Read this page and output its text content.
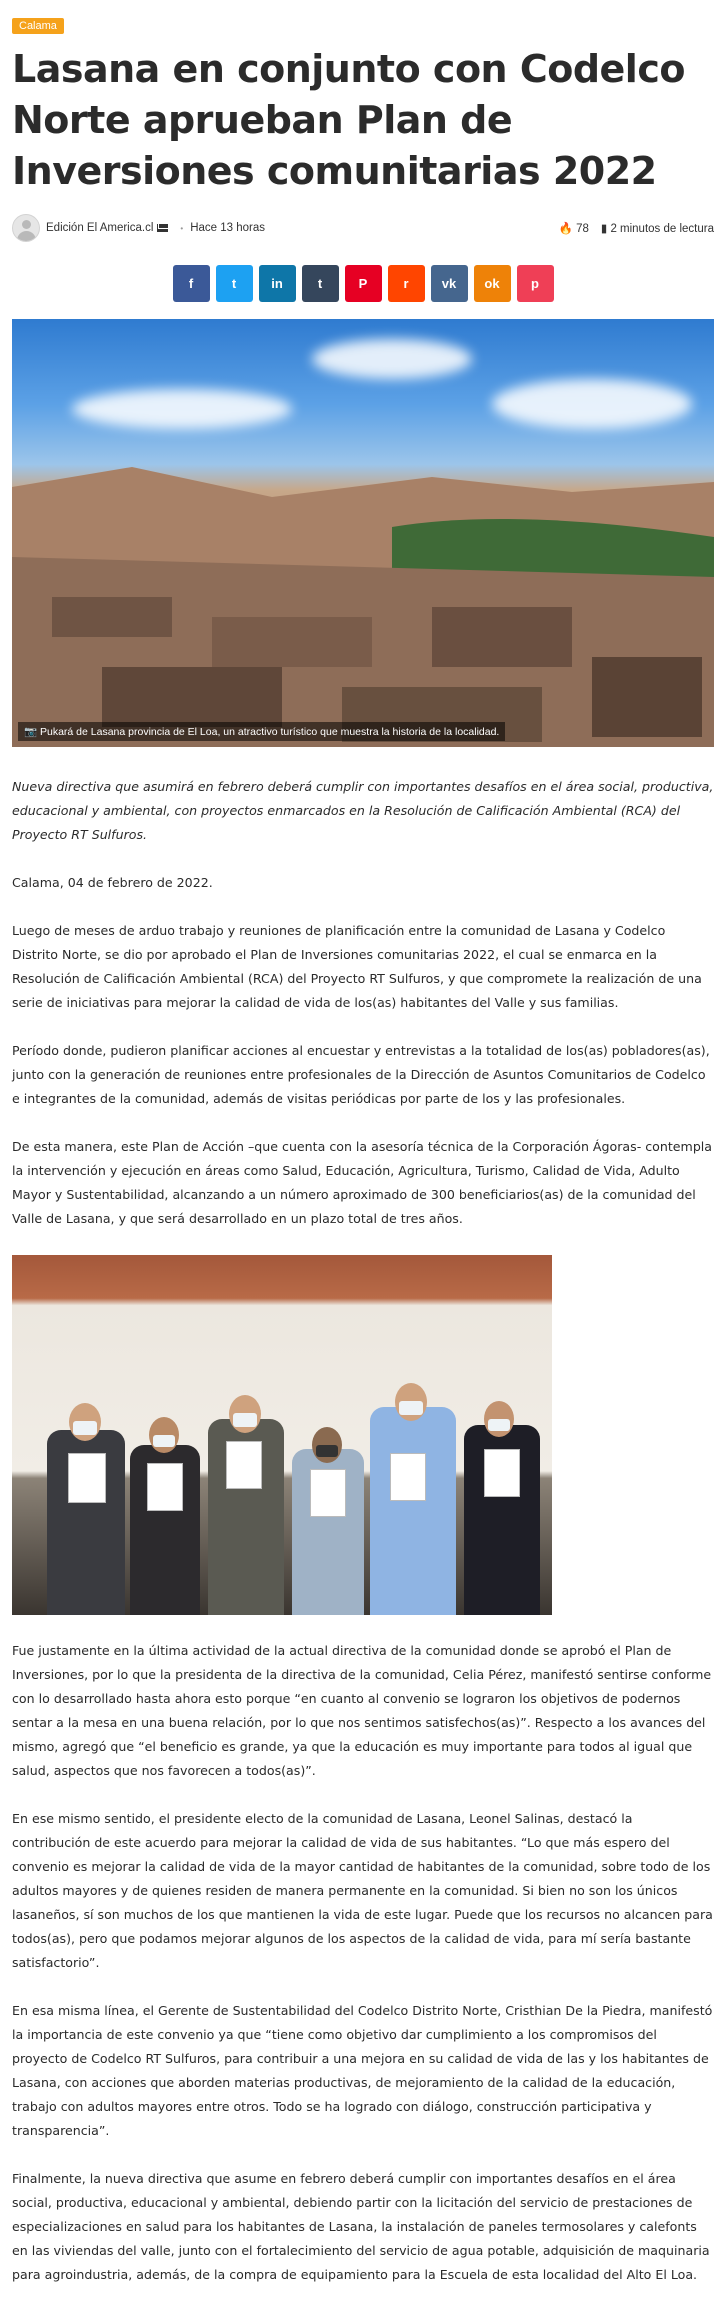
Calama
Lasana en conjunto con Codelco Norte aprueban Plan de Inversiones comunitarias 2022
Edición El America.cl	• Hace 13 horas	🔥 78 ▮ 2 minutos de lectura
f	t	in	t	P	r	vk ok p
📷 Pukará de Lasana provincia de El Loa, un atractivo turístico que muestra la historia de la localidad.

Nueva directiva que asumirá en febrero deberá cumplir con importantes desafíos en el área social, productiva, educacional y ambiental, con proyectos enmarcados en la Resolución de Calificación Ambiental (RCA) del Proyecto RT Sulfuros.

Calama, 04 de febrero de 2022.

Luego de meses de arduo trabajo y reuniones de planificación entre la comunidad de Lasana y Codelco Distrito Norte, se dio por aprobado el Plan de Inversiones comunitarias 2022, el cual se enmarca en la Resolución de Calificación Ambiental (RCA) del Proyecto RT Sulfuros, y que compromete la realización de una serie de iniciativas para mejorar la calidad de vida de los(as) habitantes del Valle y sus familias.

Período donde, pudieron planificar acciones al encuestar y entrevistas a la totalidad de los(as) pobladores(as), junto con la generación de reuniones entre profesionales de la Dirección de Asuntos Comunitarios de Codelco e integrantes de la comunidad, además de visitas periódicas por parte de los y las profesionales.

De esta manera, este Plan de Acción –que cuenta con la asesoría técnica de la Corporación Ágoras- contempla la intervención y ejecución en áreas como Salud, Educación, Agricultura, Turismo, Calidad de Vida, Adulto Mayor y Sustentabilidad, alcanzando a un número aproximado de 300 beneficiarios(as) de la comunidad del Valle de Lasana, y que será desarrollado en un plazo total de tres años.

Fue justamente en la última actividad de la actual directiva de la comunidad donde se aprobó el Plan de Inversiones, por lo que la presidenta de la directiva de la comunidad, Celia Pérez, manifestó sentirse conforme con lo desarrollado hasta ahora esto porque “en cuanto al convenio se lograron los objetivos de podernos sentar a la mesa en una buena relación, por lo que nos sentimos satisfechos(as)”. Respecto a los avances del mismo, agregó que “el beneficio es grande, ya que la educación es muy importante para todos al igual que salud, aspectos que nos favorecen a todos(as)”.

En ese mismo sentido, el presidente electo de la comunidad de Lasana, Leonel Salinas, destacó la contribución de este acuerdo para mejorar la calidad de vida de sus habitantes. “Lo que más espero del convenio es mejorar la calidad de vida de la mayor cantidad de habitantes de la comunidad, sobre todo de los adultos mayores y de quienes residen de manera permanente en la comunidad. Si bien no son los únicos lasaneños, sí son muchos de los que mantienen la vida de este lugar. Puede que los recursos no alcancen para todos(as), pero que podamos mejorar algunos de los aspectos de la calidad de vida, para mí sería bastante satisfactorio”.

En esa misma línea, el Gerente de Sustentabilidad del Codelco Distrito Norte, Cristhian De la Piedra, manifestó la importancia de este convenio ya que “tiene como objetivo dar cumplimiento a los compromisos del proyecto de Codelco RT Sulfuros, para contribuir a una mejora en su calidad de vida de las y los habitantes de Lasana, con acciones que aborden materias productivas, de mejoramiento de la calidad de la educación, trabajo con adultos mayores entre otros. Todo se ha logrado con diálogo, construcción participativa y transparencia”.

Finalmente, la nueva directiva que asume en febrero deberá cumplir con importantes desafíos en el área social, productiva, educacional y ambiental, debiendo partir con la licitación del servicio de prestaciones de especializaciones en salud para los habitantes de Lasana, la instalación de paneles termosolares y calefonts en las viviendas del valle, junto con el fortalecimiento del servicio de agua potable, adquisición de maquinaria para agroindustria, además, de la compra de equipamiento para la Escuela de esta localidad del Alto El Loa.
